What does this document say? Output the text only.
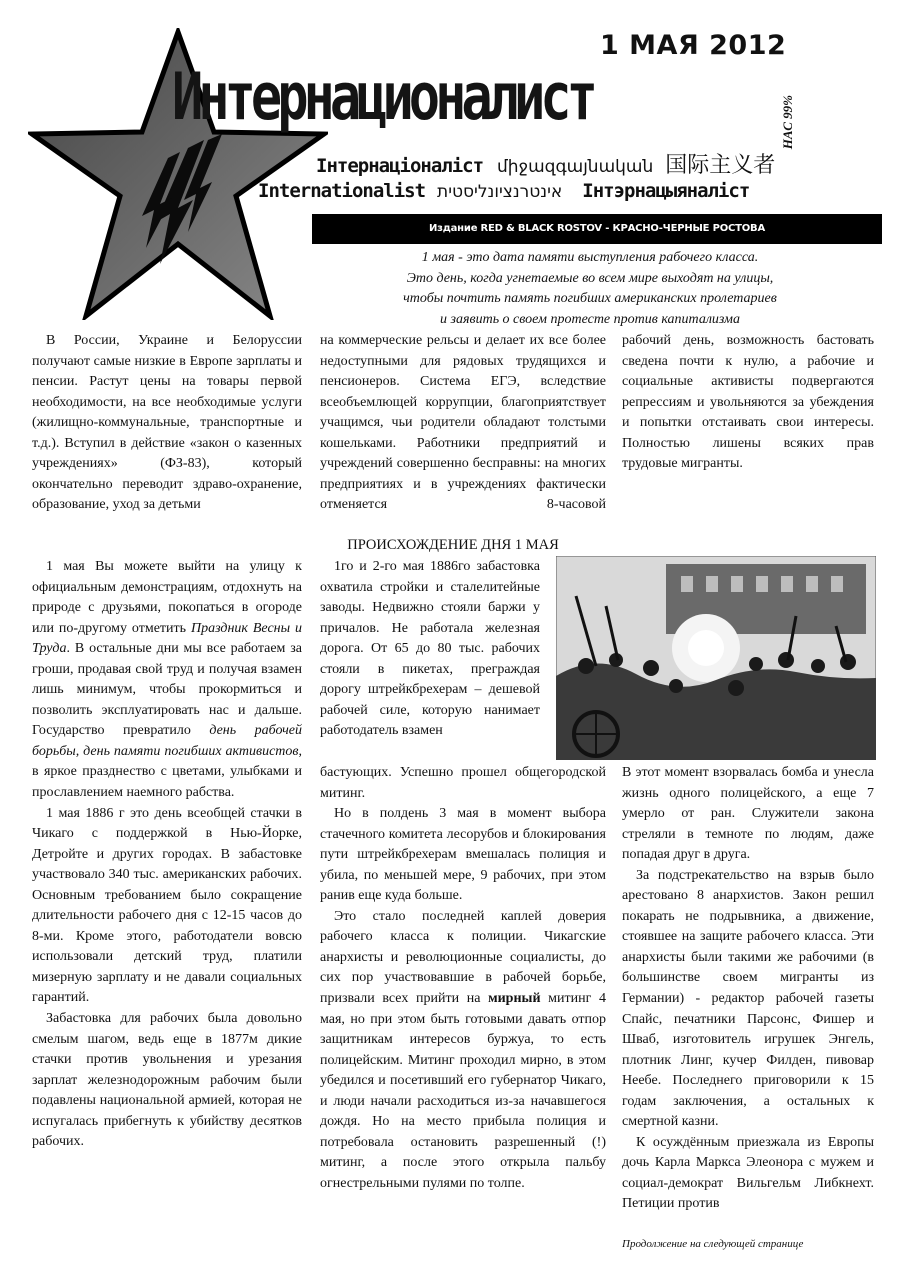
1 МАЯ 2012
НАС 99%
Интернационалист
Інтернаціоналіст միջազգայնական 国际主义者
Internationalist אינטרנציונליסטית Інтэрнацыяналіст
Издание RED & BLACK ROSTOV - КРАСНО-ЧЕРНЫЕ РОСТОВА
1 мая - это дата памяти выступления рабочего класса.
Это день, когда угнетаемые во всем мире выходят на улицы,
чтобы почтить память погибших американских пролетариев
и заявить о своем протесте против капитализма

В России, Украине и Белоруссии получают самые низкие в Европе зарплаты и пенсии. Растут цены на товары первой необходимости, на все необходимые услуги (жилищно-коммунальные, транспортные и т.д.). Вступил в действие «закон о казенных учреждениях» (ФЗ-83), который окончательно переводит здраво-охранение, образование, уход за детьми

на коммерческие рельсы и делает их все более недоступными для рядовых трудящихся и пенсионеров. Система ЕГЭ, вследствие всеобъемлющей коррупции, благоприятствует учащимся, чьи родители обладают толстыми кошельками. Работники предприятий и учреждений совершенно бесправны: на многих предприятиях и в учреждениях фактически отменяется 8-часовой

рабочий день, возможность бастовать сведена почти к нулю, а рабочие и социальные активисты подвергаются репрессиям и увольняются за убеждения и попытки отстаивать свои интересы. Полностью лишены всяких прав трудовые мигранты.

ПРОИСХОЖДЕНИЕ ДНЯ 1 МАЯ

1 мая Вы можете выйти на улицу к официальным демонстрациям, отдохнуть на природе с друзьями, покопаться в огороде или по-другому отметить Праздник Весны и Труда. В остальные дни мы все работаем за гроши, продавая свой труд и получая взамен лишь минимум, чтобы прокормиться и позволить эксплуатировать нас и дальше. Государство превратило день рабочей борьбы, день памяти погибших активистов, в яркое празднество с цветами, улыбками и прославлением наемного рабства.

1 мая 1886 г это день всеобщей стачки в Чикаго с поддержкой в Нью-Йорке, Детройте и других городах. В забастовке участвовало 340 тыс. американских рабочих. Основным требованием было сокращение длительности рабочего дня с 12-15 часов до 8-ми. Кроме этого, работодатели вовсю использовали детский труд, платили мизерную зарплату и не давали социальных гарантий.

Забастовка для рабочих была довольно смелым шагом, ведь еще в 1877м дикие стачки против увольнения и урезания зарплат железнодорожным рабочим были подавлены национальной армией, которая не испугалась прибегнуть к убийству десятков рабочих.

1го и 2-го мая 1886го забастовка охватила стройки и сталелитейные заводы. Недвижно стояли баржи у причалов. Не работала железная дорога. От 65 до 80 тыс. рабочих стояли в пикетах, преграждая дорогу штрейкбрехерам – дешевой рабочей силе, которую нанимает работодатель взамен

бастующих. Успешно прошел общегородской митинг.

Но в полдень 3 мая в момент выбора стачечного комитета лесорубов и блокирования пути штрейкбрехерам вмешалась полиция и убила, по меньшей мере, 9 рабочих, при этом ранив еще куда больше.

Это стало последней каплей доверия рабочего класса к полиции. Чикагские анархисты и революционные социалисты, до сих пор участвовавшие в рабочей борьбе, призвали всех прийти на мирный митинг 4 мая, но при этом быть готовыми давать отпор защитникам интересов буржуа, то есть полицейским. Митинг проходил мирно, в этом убедился и посетивший его губернатор Чикаго, и люди начали расходиться из-за начавшегося дождя. Но на место прибыла полиция и потребовала остановить разрешенный (!) митинг, а после этого открыла пальбу огнестрельными пулями по толпе.

В этот момент взорвалась бомба и унесла жизнь одного полицейского, а еще 7 умерло от ран. Служители закона стреляли в темноте по людям, даже попадая друг в друга.

За подстрекательство на взрыв было арестовано 8 анархистов. Закон решил покарать не подрывника, а движение, стоявшее на защите рабочего класса. Эти анархисты были такими же рабочими (в большинстве своем мигранты из Германии) - редактор рабочей газеты Спайс, печатники Парсонс, Фишер и Шваб, изготовитель игрушек Энгель, плотник Линг, кучер Филден, пивовар Неебе. Последнего приговорили к 15 годам заключения, а остальных к смертной казни.

К осуждённым приезжала из Европы дочь Карла Маркса Элеонора с мужем и социал-демократ Вильгельм Либкнехт. Петиции против

Продолжение на следующей странице
